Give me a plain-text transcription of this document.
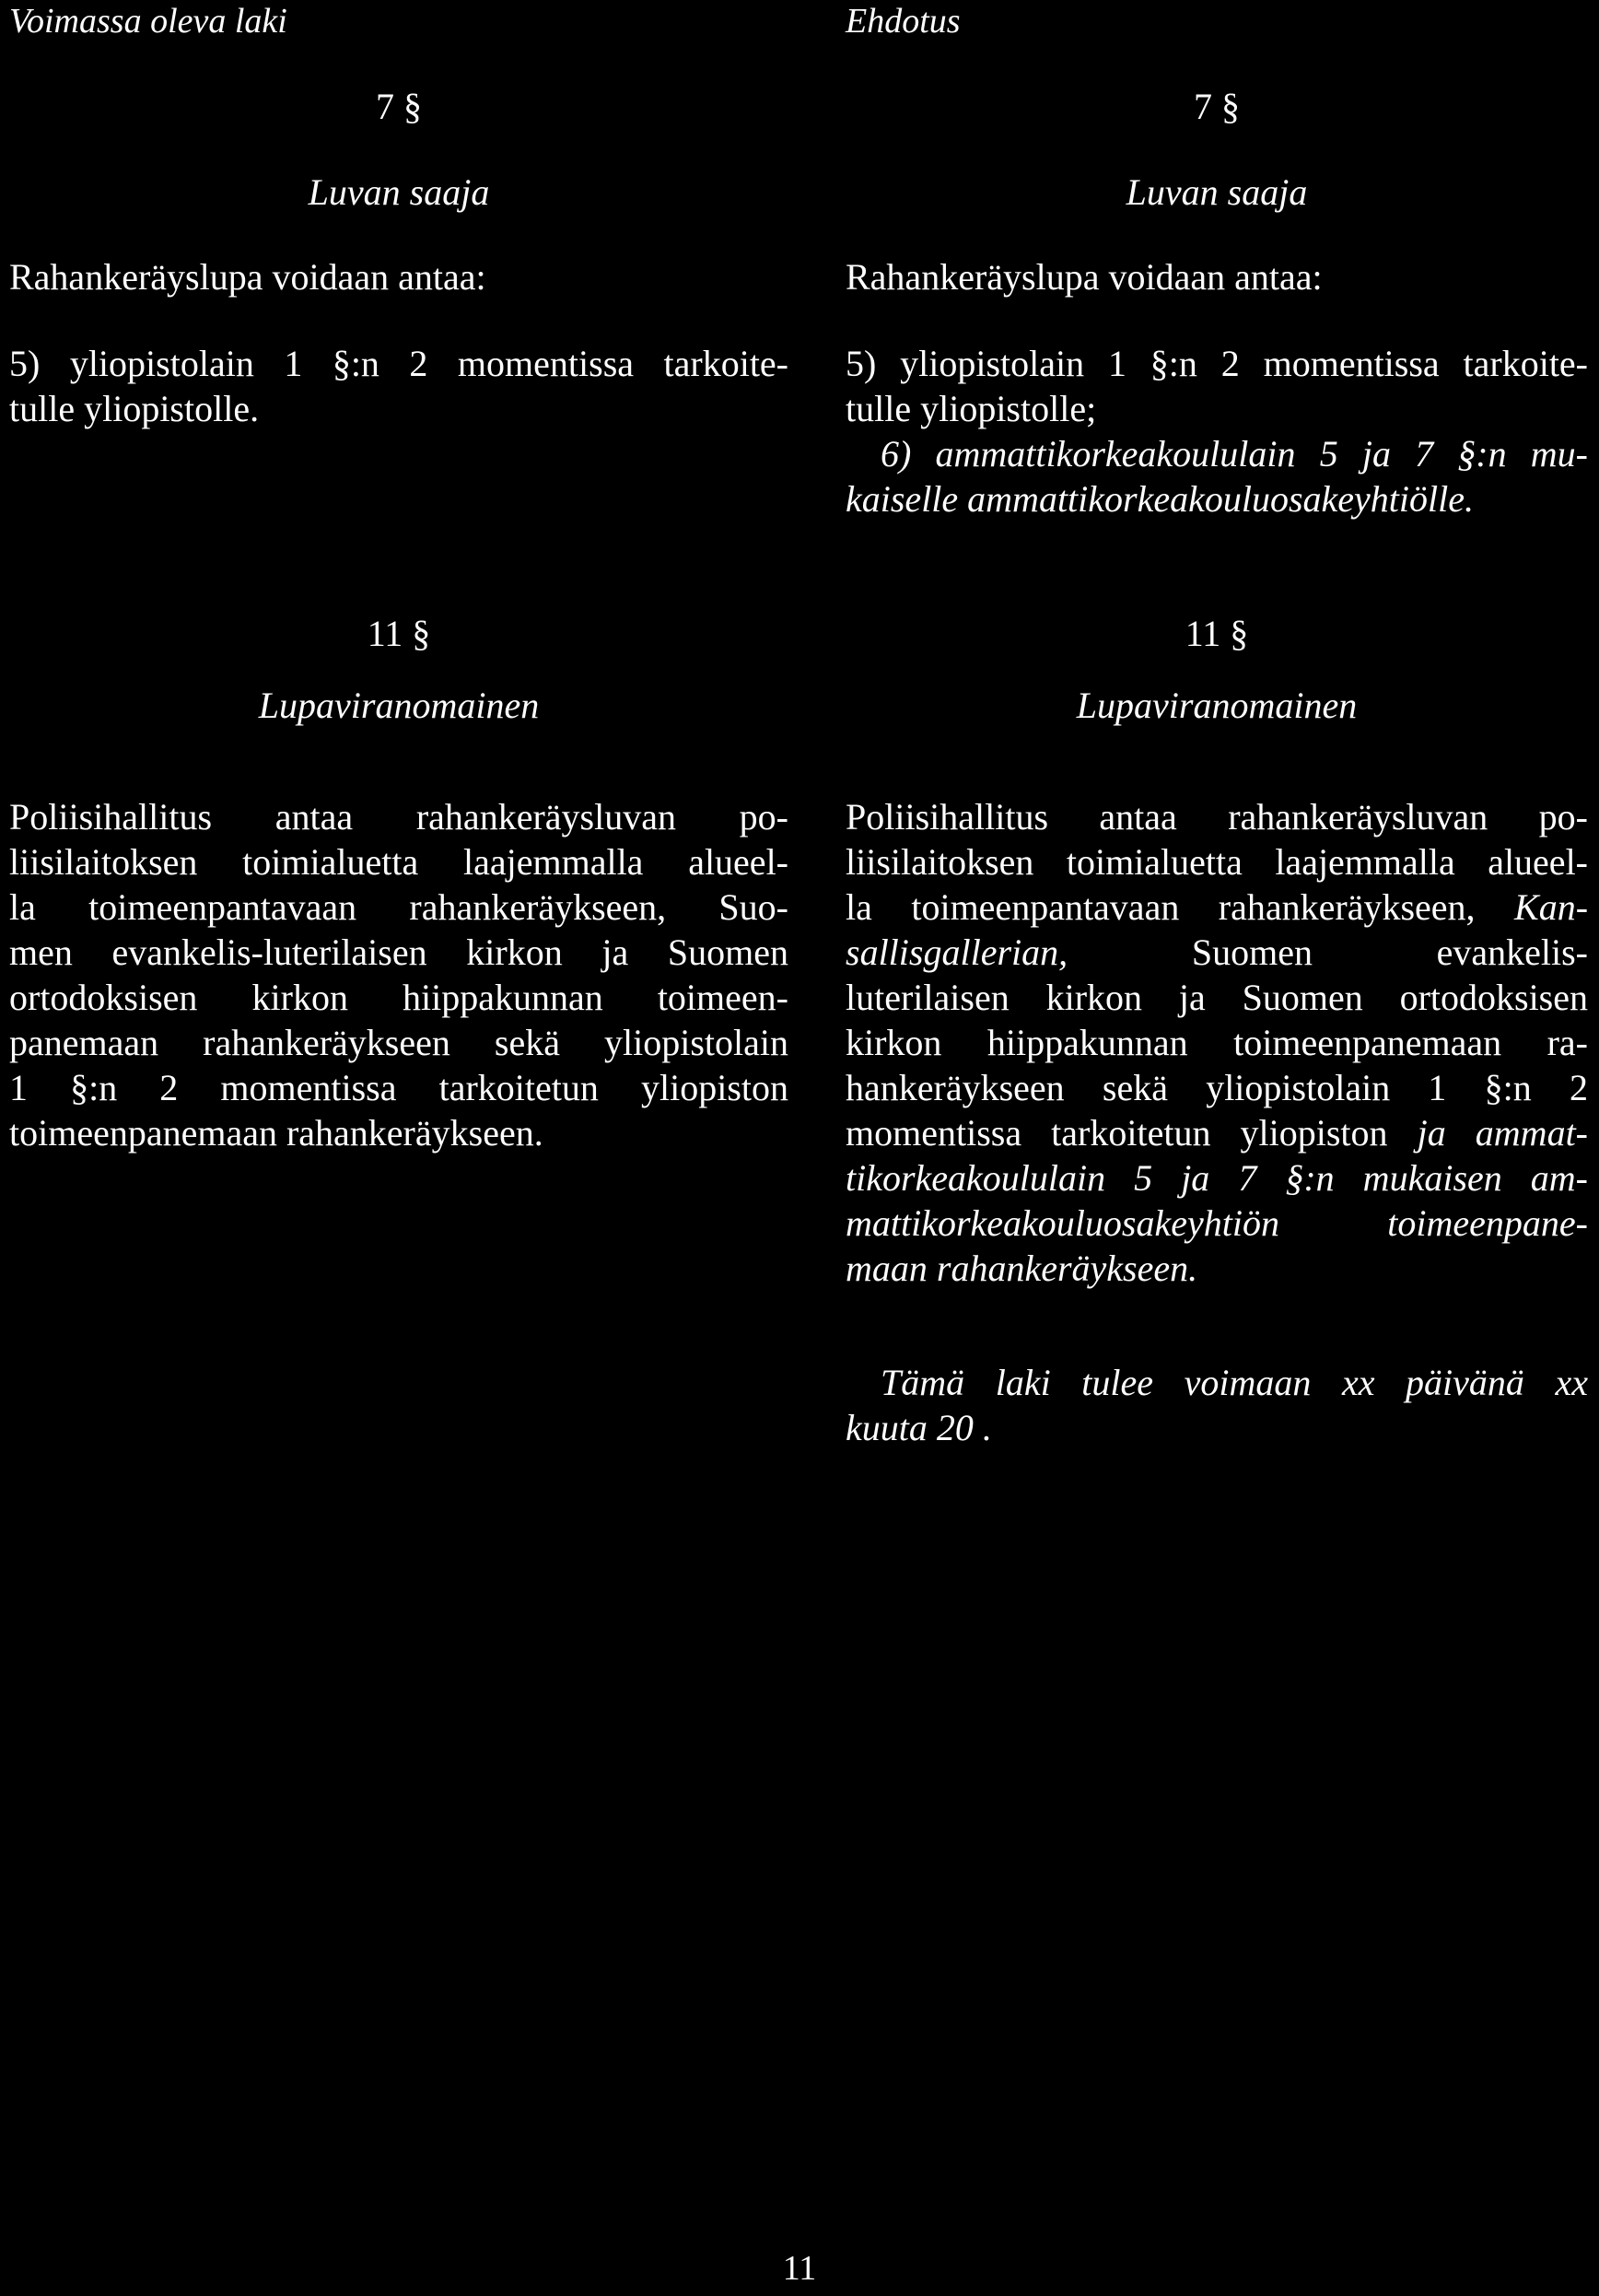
Voimassa oleva laki
7 §
Luvan saaja
Rahankeräyslupa voidaan antaa:
5) yliopistolain 1 §:n 2 momentissa tarkoite-
tulle yliopistolle.
11 §
Lupaviranomainen
Poliisihallitus antaa rahankeräysluvan po-
liisilaitoksen toimialuetta laajemmalla alueel-
la toimeenpantavaan rahankeräykseen, Suo-
men evankelis-luterilaisen kirkon ja Suomen
ortodoksisen kirkon hiippakunnan toimeen-
panemaan rahankeräykseen sekä yliopistolain
1 §:n 2 momentissa tarkoitetun yliopiston
toimeenpanemaan rahankeräykseen.
Ehdotus
7 §
Luvan saaja
Rahankeräyslupa voidaan antaa:
5) yliopistolain 1 §:n 2 momentissa tarkoite-
tulle yliopistolle;
6) ammattikorkeakoululain 5 ja 7 §:n mu-
kaiselle ammattikorkeakouluosakeyhtiölle.
11 §
Lupaviranomainen
Poliisihallitus antaa rahankeräysluvan po-
liisilaitoksen toimialuetta laajemmalla alueel-
la toimeenpantavaan rahankeräykseen, Kan-
sallisgallerian,	Suomen evankelis-
luterilaisen kirkon ja Suomen ortodoksisen
kirkon hiippakunnan toimeenpanemaan ra-
hankeräykseen sekä yliopistolain 1 §:n 2
momentissa tarkoitetun yliopiston ja ammat-
tikorkeakoululain 5 ja 7 §:n mukaisen am-
mattikorkeakouluosakeyhtiön toimeenpane-
maan rahankeräykseen.
Tämä laki tulee voimaan xx päivänä xx
kuuta 20 .
11
